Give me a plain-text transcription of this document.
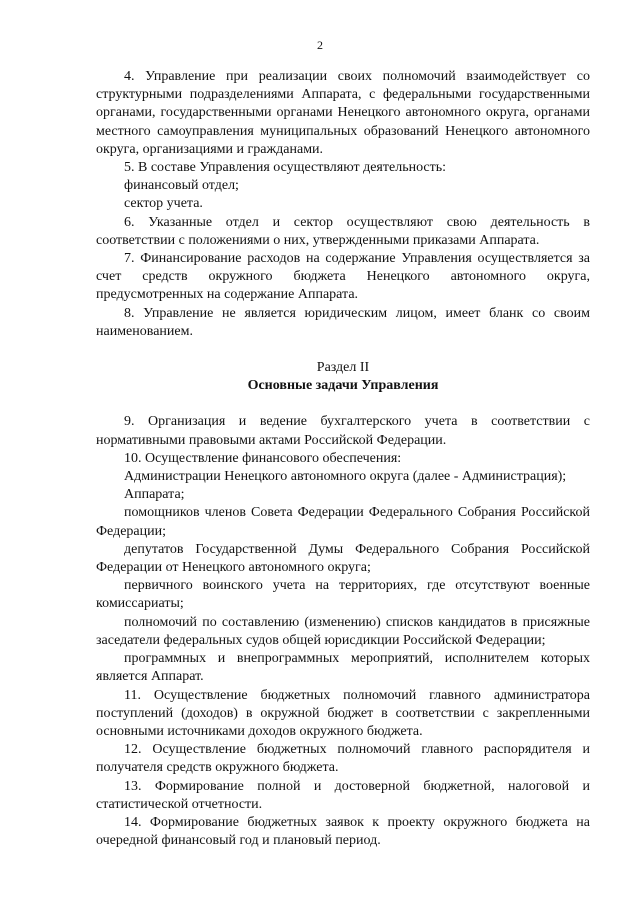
2

4. Управление при реализации своих полномочий взаимодействует со структурными подразделениями Аппарата, с федеральными государственными органами, государственными органами Ненецкого автономного округа, органами местного самоуправления муниципальных образований Ненецкого автономного округа, организациями и гражданами.

5. В составе Управления осуществляют деятельность:

финансовый отдел;

сектор учета.

6. Указанные отдел и сектор осуществляют свою деятельность в соответствии с положениями о них, утвержденными приказами Аппарата.

7. Финансирование расходов на содержание Управления осуществляется за счет средств окружного бюджета Ненецкого автономного округа, предусмотренных на содержание Аппарата.

8. Управление не является юридическим лицом, имеет бланк со своим наименованием.

Раздел II

Основные задачи Управления

9. Организация и ведение бухгалтерского учета в соответствии с нормативными правовыми актами Российской Федерации.

10. Осуществление финансового обеспечения:

Администрации Ненецкого автономного округа (далее - Администрация);

Аппарата;

помощников членов Совета Федерации Федерального Собрания Российской Федерации;

депутатов Государственной Думы Федерального Собрания Российской Федерации от Ненецкого автономного округа;

первичного воинского учета на территориях, где отсутствуют военные комиссариаты;

полномочий по составлению (изменению) списков кандидатов в присяжные заседатели федеральных судов общей юрисдикции Российской Федерации;

программных и внепрограммных мероприятий, исполнителем которых является Аппарат.

11. Осуществление бюджетных полномочий главного администратора поступлений (доходов) в окружной бюджет в соответствии с закрепленными основными источниками доходов окружного бюджета.

12. Осуществление бюджетных полномочий главного распорядителя и получателя средств окружного бюджета.

13. Формирование полной и достоверной бюджетной, налоговой и статистической отчетности.

14. Формирование бюджетных заявок к проекту окружного бюджета на очередной финансовый год и плановый период.
